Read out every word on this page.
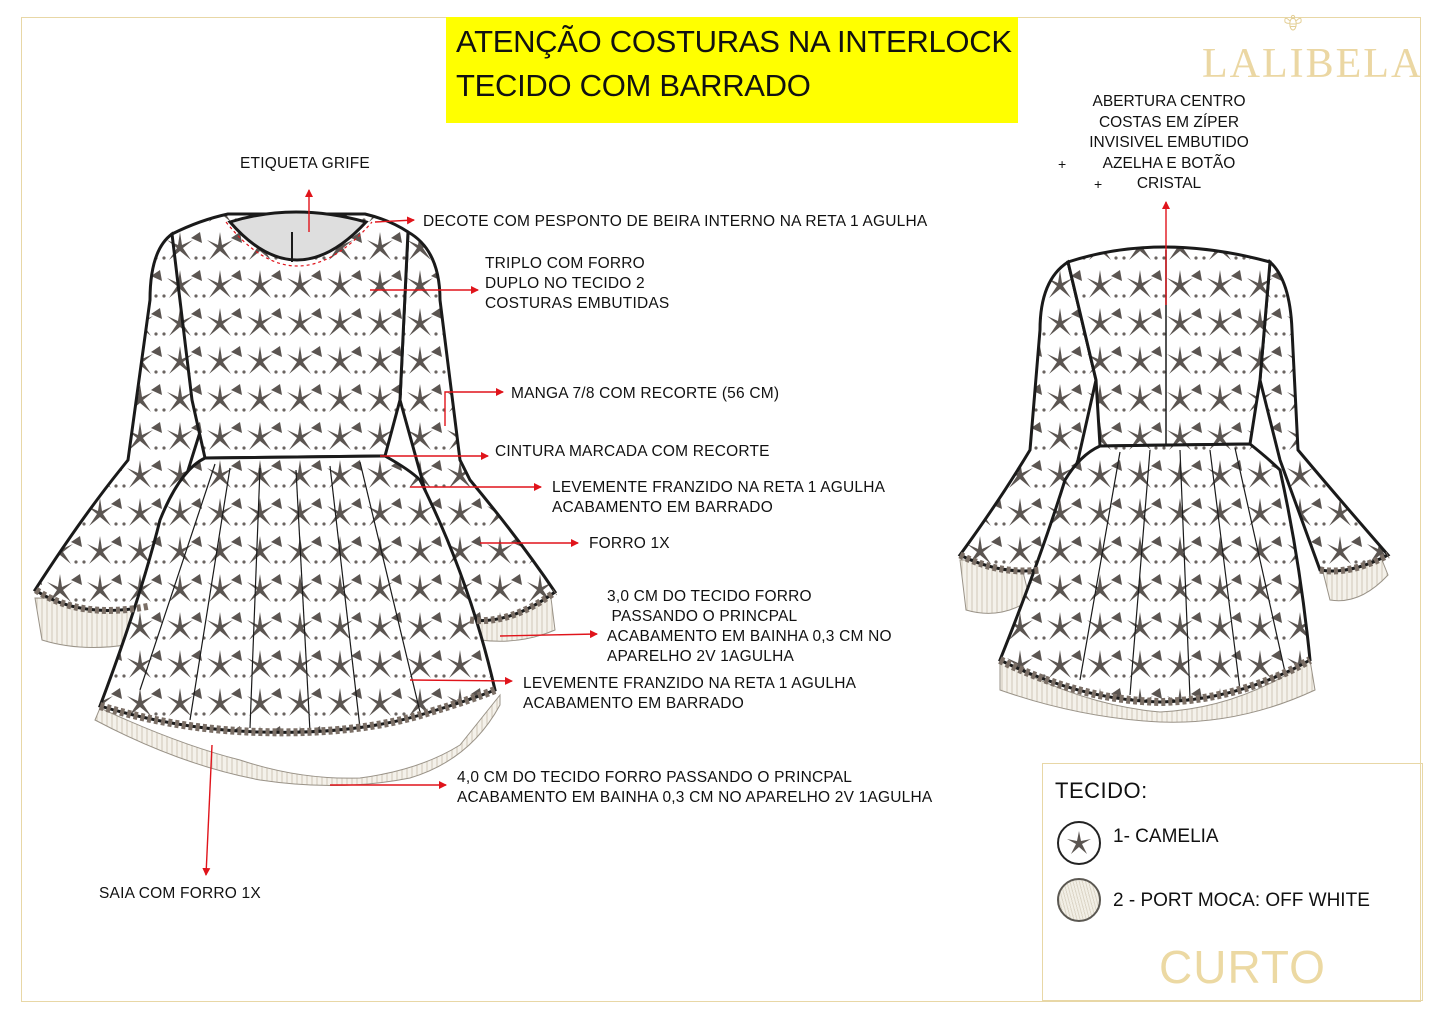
ATENÇÃO COSTURAS NA INTERLOCK
TECIDO COM BARRADO	LALIBELA
ETIQUETA GRIFE
DECOTE COM PESPONTO DE BEIRA INTERNO NA RETA 1 AGULHA
TRIPLO COM FORRO
DUPLO NO TECIDO 2
COSTURAS EMBUTIDAS
MANGA 7/8 COM RECORTE (56 CM)
CINTURA MARCADA COM RECORTE
LEVEMENTE FRANZIDO NA RETA 1 AGULHA
ACABAMENTO EM BARRADO
FORRO 1X
3,0 CM DO TECIDO FORRO
PASSANDO O PRINCPAL
ACABAMENTO EM BAINHA 0,3 CM NO
APARELHO 2V 1AGULHA
LEVEMENTE FRANZIDO NA RETA 1 AGULHA
ACABAMENTO EM BARRADO
4,0 CM DO TECIDO FORRO PASSANDO O PRINCPAL
ACABAMENTO EM BAINHA 0,3 CM NO APARELHO 2V 1AGULHA
SAIA COM FORRO 1X
ABERTURA CENTRO
COSTAS EM ZÍPER
INVISIVEL EMBUTIDO
+ AZELHA E BOTÃO
+ CRISTAL
TECIDO:
1- CAMELIA
2 - PORT MOCA: OFF WHITE
CURTO
